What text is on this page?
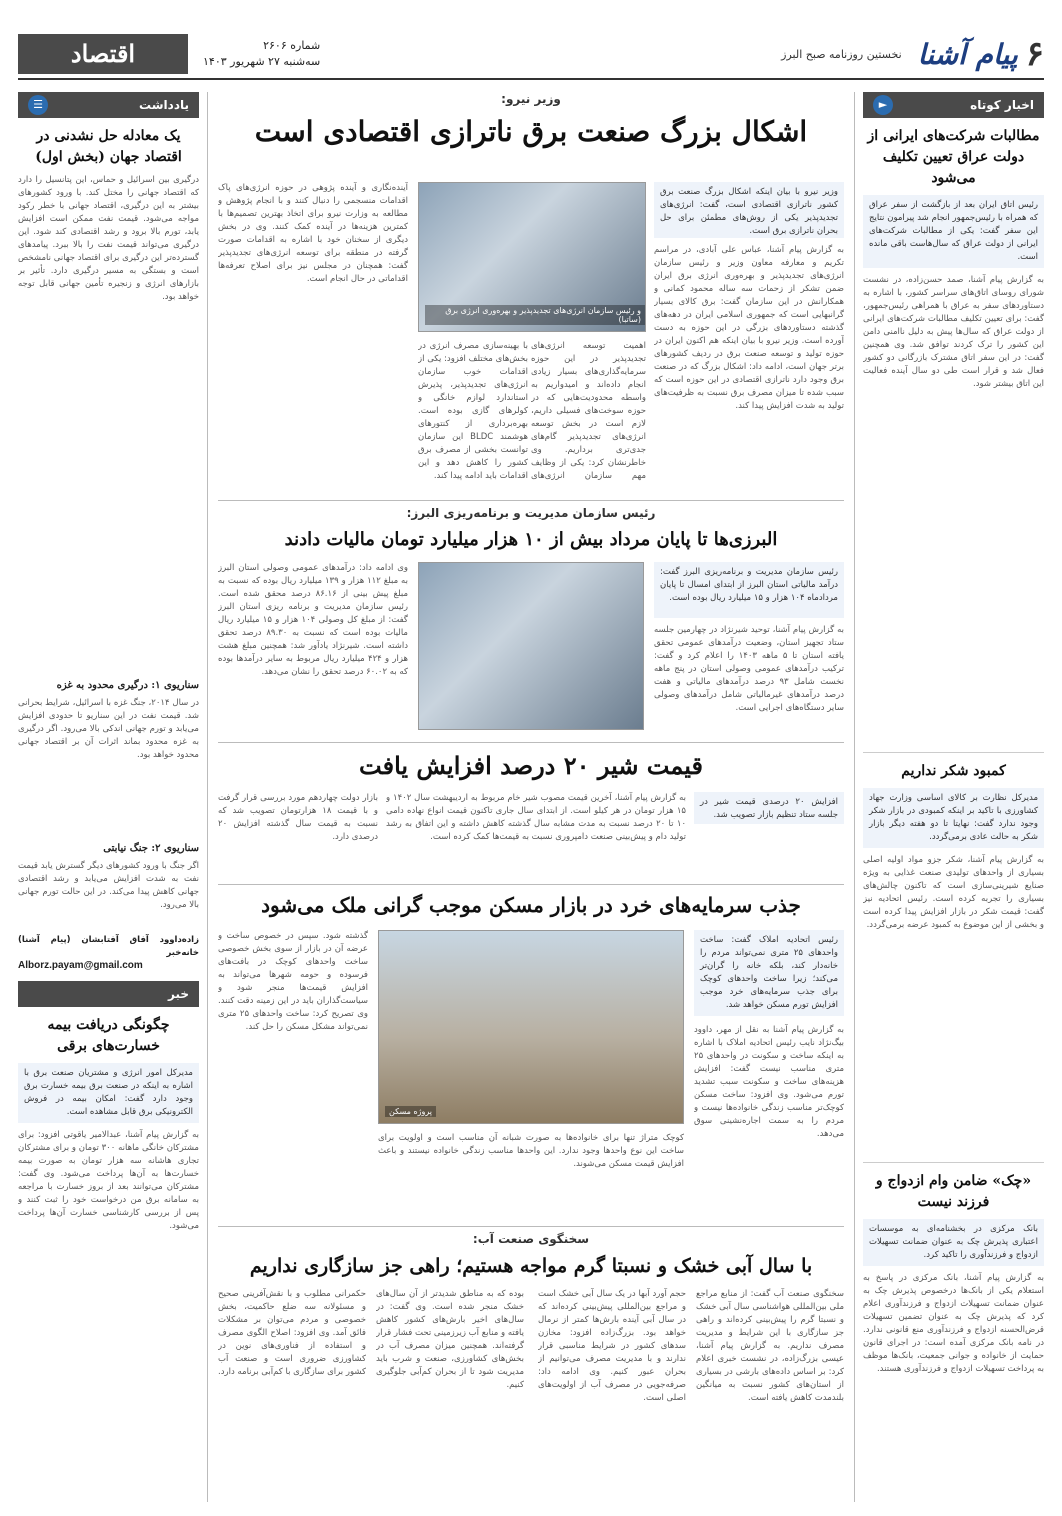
اقتصاد	شماره ۲۶۰۶
سه‌شنبه ۲۷ شهریور ۱۴۰۳	۶
پیام آشنا
نخستین روزنامه صبح البرز
اخبار کوتاه
►
مطالبات شرکت‌های ایرانی از دولت عراق تعیین تکلیف می‌شود
رئیس اتاق ایران بعد از بازگشت از سفر عراق که همراه با رئیس‌جمهور انجام شد پیرامون نتایج این سفر گفت: یکی از مطالبات شرکت‌های ایرانی از دولت عراق که سال‌هاست باقی مانده است.
به گزارش پیام آشنا، صمد حسن‌زاده، در نشست شورای روسای اتاق‌های سراسر کشور، با اشاره به دستاوردهای سفر به عراق با همراهی رئیس‌جمهور، گفت: برای تعیین تکلیف مطالبات شرکت‌های ایرانی از دولت عراق که سال‌ها پیش به دلیل ناامنی دامن این کشور را ترک کردند توافق شد. وی همچنین گفت: در این سفر اتاق مشترک بازرگانی دو کشور فعال شد و قرار است طی دو سال آینده فعالیت این اتاق بیشتر شود.
کمبود شکر نداریم
مدیرکل نظارت بر کالای اساسی وزارت جهاد کشاورزی با تاکید بر اینکه کمبودی در بازار شکر وجود ندارد گفت: نهایتا تا دو هفته دیگر بازار شکر به حالت عادی برمی‌گردد.
به گزارش پیام آشنا، شکر جزو مواد اولیه اصلی بسیاری از واحدهای تولیدی صنعت غذایی به ویژه صنایع شیرینی‌سازی است که تاکنون چالش‌های بسیاری را تجربه کرده است. رئیس اتحادیه نیز گفت: قیمت شکر در بازار افزایش پیدا کرده است و بخشی از این موضوع به کمبود عرضه برمی‌گردد.
«چک» ضامن وام ازدواج و فرزند نیست
بانک مرکزی در بخشنامه‌ای به موسسات اعتباری پذیرش چک به عنوان ضمانت تسهیلات ازدواج و فرزندآوری را تاکید کرد.
به گزارش پیام آشنا، بانک مرکزی در پاسخ به استعلام یکی از بانک‌ها درخصوص پذیرش چک به عنوان ضمانت تسهیلات ازدواج و فرزندآوری اعلام کرد که پذیرش چک به عنوان تضمین تسهیلات قرض‌الحسنه ازدواج و فرزندآوری منع قانونی ندارد. در نامه بانک مرکزی آمده است: در اجرای قانون حمایت از خانواده و جوانی جمعیت، بانک‌ها موظف به پرداخت تسهیلات ازدواج و فرزندآوری هستند.
یادداشت
☰
یک معادله حل نشدنی در اقتصاد جهان (بخش اول)
درگیری بین اسرائیل و حماس، این پتانسیل را دارد که اقتصاد جهانی را مختل کند. با ورود کشورهای بیشتر به این درگیری، اقتصاد جهانی با خطر رکود مواجه می‌شود. قیمت نفت ممکن است افزایش یابد، تورم بالا برود و رشد اقتصادی کند شود. این درگیری می‌تواند قیمت نفت را بالا ببرد. پیامدهای گسترده‌تر این درگیری برای اقتصاد جهانی نامشخص است و بستگی به مسیر درگیری دارد. تأثیر بر بازارهای انرژی و زنجیره تأمین جهانی قابل توجه خواهد بود.
سناریوی ۱: درگیری محدود به غزه
در سال ۲۰۱۴، جنگ غزه با اسرائیل، شرایط بحرانی شد. قیمت نفت در این سناریو تا حدودی افزایش می‌یابد و تورم جهانی اندکی بالا می‌رود. اگر درگیری به غزه محدود بماند اثرات آن بر اقتصاد جهانی محدود خواهد بود.
سناریوی ۲: جنگ نیابتی
اگر جنگ با ورود کشورهای دیگر گسترش یابد قیمت نفت به شدت افزایش می‌یابد و رشد اقتصادی جهانی کاهش پیدا می‌کند. در این حالت تورم جهانی بالا می‌رود.
زاده‌داوود آفاق آفتابشان (پیام آشنا) خانه‌خبر
Alborz.payam@gmail.com
خبر
چگونگی دریافت بیمه خسارت‌های برقی
مدیرکل امور انرژی و مشتریان صنعت برق با اشاره به اینکه در صنعت برق بیمه خسارت برق وجود دارد گفت: امکان بیمه در فروش الکترونیکی برق قابل مشاهده است.
به گزارش پیام آشنا، عبدالامیر یاقوتی افزود: برای مشترکان خانگی ماهانه ۳۰۰ تومان و برای مشترکان تجاری هاشانه سه هزار تومان به صورت بیمه خسارت‌ها به آن‌ها پرداخت می‌شود. وی گفت: مشترکان می‌توانند بعد از بروز خسارت با مراجعه به سامانه برق من درخواست خود را ثبت کنند و پس از بررسی کارشناسی خسارت آن‌ها پرداخت می‌شود.
وزیر نیرو:
اشکال بزرگ صنعت برق ناترازی اقتصادی است
وزیر نیرو با بیان اینکه اشکال بزرگ صنعت برق کشور ناترازی اقتصادی است، گفت: انرژی‌های تجدیدپذیر یکی از روش‌های مطمئن برای حل بحران ناترازی برق است.
و رئیس سازمان انرژی‌های تجدیدپذیر و بهره‌وری انرژی برق (ساتبا)
به گزارش پیام آشنا، عباس علی آبادی، در مراسم تکریم و معارفه معاون وزیر و رئیس سازمان انرژی‌های تجدیدپذیر و بهره‌وری انرژی برق ایران ضمن تشکر از زحمات سه ساله محمود کمانی و همکارانش در این سازمان گفت: برق کالای بسیار گرانبهایی است که جمهوری اسلامی ایران در دهه‌های گذشته دستاوردهای بزرگی در این حوزه به دست آورده است. وزیر نیرو با بیان اینکه هم اکنون ایران در حوزه تولید و توسعه صنعت برق در ردیف کشورهای برتر جهان است، ادامه داد: اشکال بزرگ که در صنعت برق وجود دارد ناترازی اقتصادی در این حوزه است که سبب شده تا میزان مصرف برق نسبت به ظرفیت‌های تولید به شدت افزایش پیدا کند.
اهمیت توسعه انرژی‌های تجدیدپذیر در این حوزه سرمایه‌گذاری‌های بسیار زیادی انجام داده‌اند و امیدواریم به واسطه محدودیت‌هایی که در حوزه سوخت‌های فسیلی داریم، لازم است در بخش توسعه انرژی‌های تجدیدپذیر گام‌های جدی‌تری برداریم. وی خاطرنشان کرد: یکی از وظایف مهم سازمان انرژی‌های
با بهینه‌سازی مصرف انرژی در بخش‌های مختلف افزود: یکی از اقدامات خوب سازمان انرژی‌های تجدیدپذیر، پذیرش استاندارد لوازم خانگی و کولرهای گازی بوده است. بهره‌برداری از کنتورهای هوشمند BLDC این سازمان توانست بخشی از مصرف برق کشور را کاهش دهد و این اقدامات باید ادامه پیدا کند.
آینده‌نگاری و آینده پژوهی در حوزه انرژی‌های پاک اقدامات منسجمی را دنبال کنند و با انجام پژوهش و مطالعه به وزارت نیرو برای اتخاذ بهترین تصمیم‌ها با کمترین هزینه‌ها در آینده کمک کنند. وی در بخش دیگری از سخنان خود با اشاره به اقدامات صورت گرفته در منطقه برای توسعه انرژی‌های تجدیدپذیر گفت: همچنان در مجلس نیز برای اصلاح تعرفه‌ها اقداماتی در حال انجام است.
رئیس سازمان مدیریت و برنامه‌ریزی البرز:
البرزی‌ها تا پایان مرداد بیش از ۱۰ هزار میلیارد تومان مالیات دادند
رئیس سازمان مدیریت و برنامه‌ریزی البرز گفت: درآمد مالیاتی استان البرز از ابتدای امسال تا پایان مردادماه ۱۰۴ هزار و ۱۵ میلیارد ریال بوده است.
به گزارش پیام آشنا، توحید شیرنژاد در چهارمین جلسه ستاد تجهیز استان، وضعیت درآمدهای عمومی تحقق یافته استان تا ۵ ماهه ۱۴۰۳ را اعلام کرد و گفت: ترکیب درآمدهای عمومی وصولی استان در پنج ماهه نخست شامل ۹۳ درصد درآمدهای مالیاتی و هفت درصد درآمدهای غیرمالیاتی شامل درآمدهای وصولی سایر دستگاه‌های اجرایی است.
وی ادامه داد: درآمدهای عمومی وصولی استان البرز به مبلغ ۱۱۲ هزار و ۱۳۹ میلیارد ریال بوده که نسبت به مبلغ پیش بینی از ۸۶.۱۶ درصد محقق شده است. رئیس سازمان مدیریت و برنامه ریزی استان البرز گفت: از مبلغ کل وصولی ۱۰۴ هزار و ۱۵ میلیارد ریال مالیات بوده است که نسبت به ۸۹.۳۰ درصد تحقق داشته است. شیرنژاد یادآور شد: همچنین مبلغ هشت هزار و ۴۲۴ میلیارد ریال مربوط به سایر درآمدها بوده که به ۶۰.۰۲ درصد تحقق را نشان می‌دهد.
قیمت شیر ۲۰ درصد افزایش یافت
افزایش ۲۰ درصدی قیمت شیر در جلسه ستاد تنظیم بازار تصویب شد.
به گزارش پیام آشنا، آخرین قیمت مصوب شیر خام مربوط به اردیبهشت سال ۱۴۰۲ و ۱۵ هزار تومان در هر کیلو است. از ابتدای سال جاری تاکنون قیمت انواع نهاده دامی ۱۰ تا ۲۰ درصد نسبت به مدت مشابه سال گذشته کاهش داشته و این اتفاق به رشد تولید دام و پیش‌بینی صنعت دامپروری نسبت به قیمت‌ها کمک کرده است.
بازار دولت چهاردهم مورد بررسی قرار گرفت و با قیمت ۱۸ هزارتومان تصویب شد که نسبت به قیمت سال گذشته افزایش ۲۰ درصدی دارد.
جذب سرمایه‌های خرد در بازار مسکن موجب گرانی ملک می‌شود
رئیس اتحادیه املاک گفت: ساخت واحدهای ۲۵ متری نمی‌تواند مردم را خانه‌دار کند، بلکه خانه را گران‌تر می‌کند؛ زیرا ساخت واحدهای کوچک برای جذب سرمایه‌های خرد موجب افزایش تورم مسکن خواهد شد.
به گزارش پیام آشنا به نقل از مهر، داوود بیگ‌نژاد نایب رئیس اتحادیه املاک با اشاره به اینکه ساخت و سکونت در واحدهای ۲۵ متری مناسب نیست گفت: افزایش هزینه‌های ساخت و سکونت سبب تشدید تورم می‌شود. وی افزود: ساخت مسکن کوچک‌تر مناسب زندگی خانواده‌ها نیست و مردم را به سمت اجاره‌نشینی سوق می‌دهد.
پروژه مسکن
کوچک متراژ تنها برای خانواده‌ها به صورت شبانه آن مناسب است و اولویت برای ساخت این نوع واحدها وجود ندارد. این واحدها مناسب زندگی خانواده نیستند و باعث افزایش قیمت مسکن می‌شوند.
گذشته شود. سپس در خصوص ساخت و عرضه آن در بازار از سوی بخش خصوصی ساخت واحدهای کوچک در بافت‌های فرسوده و حومه شهرها می‌تواند به افزایش قیمت‌ها منجر شود و سیاست‌گذاران باید در این زمینه دقت کنند. وی تصریح کرد: ساخت واحدهای ۲۵ متری نمی‌تواند مشکل مسکن را حل کند.
سخنگوی صنعت آب:
با سال آبی خشک و نسبتا گرم مواجه هستیم؛ راهی جز سازگاری نداریم
سخنگوی صنعت آب گفت: از منابع مراجع ملی بین‌المللی هواشناسی سال آبی خشک و نسبتا گرم را پیش‌بینی کرده‌اند و راهی جز سازگاری با این شرایط و مدیریت مصرف نداریم. به گزارش پیام آشنا، عیسی بزرگ‌زاده، در نشست خبری اعلام کرد: بر اساس داده‌های بارشی در بسیاری از استان‌های کشور نسبت به میانگین بلندمدت کاهش یافته است.
حجم آورد آبها در یک سال آبی خشک است و مراجع بین‌المللی پیش‌بینی کرده‌اند که در سال آبی آینده بارش‌ها کمتر از نرمال خواهد بود. بزرگ‌زاده افزود: مخازن سدهای کشور در شرایط مناسبی قرار ندارند و با مدیریت مصرف می‌توانیم از بحران عبور کنیم. وی ادامه داد: صرفه‌جویی در مصرف آب از اولویت‌های اصلی است.
بوده که به مناطق شدیدتر از آن سال‌های خشک منجر شده است. وی گفت: در سال‌های اخیر بارش‌های کشور کاهش یافته و منابع آب زیرزمینی تحت فشار قرار گرفته‌اند. همچنین میزان مصرف آب در بخش‌های کشاورزی، صنعت و شرب باید مدیریت شود تا از بحران کم‌آبی جلوگیری کنیم.
حکمرانی مطلوب و با نقش‌آفرینی صحیح و مسئولانه سه ضلع حاکمیت، بخش خصوصی و مردم می‌توان بر مشکلات فائق آمد. وی افزود: اصلاح الگوی مصرف و استفاده از فناوری‌های نوین در کشاورزی ضروری است و صنعت آب کشور برای سازگاری با کم‌آبی برنامه دارد.
